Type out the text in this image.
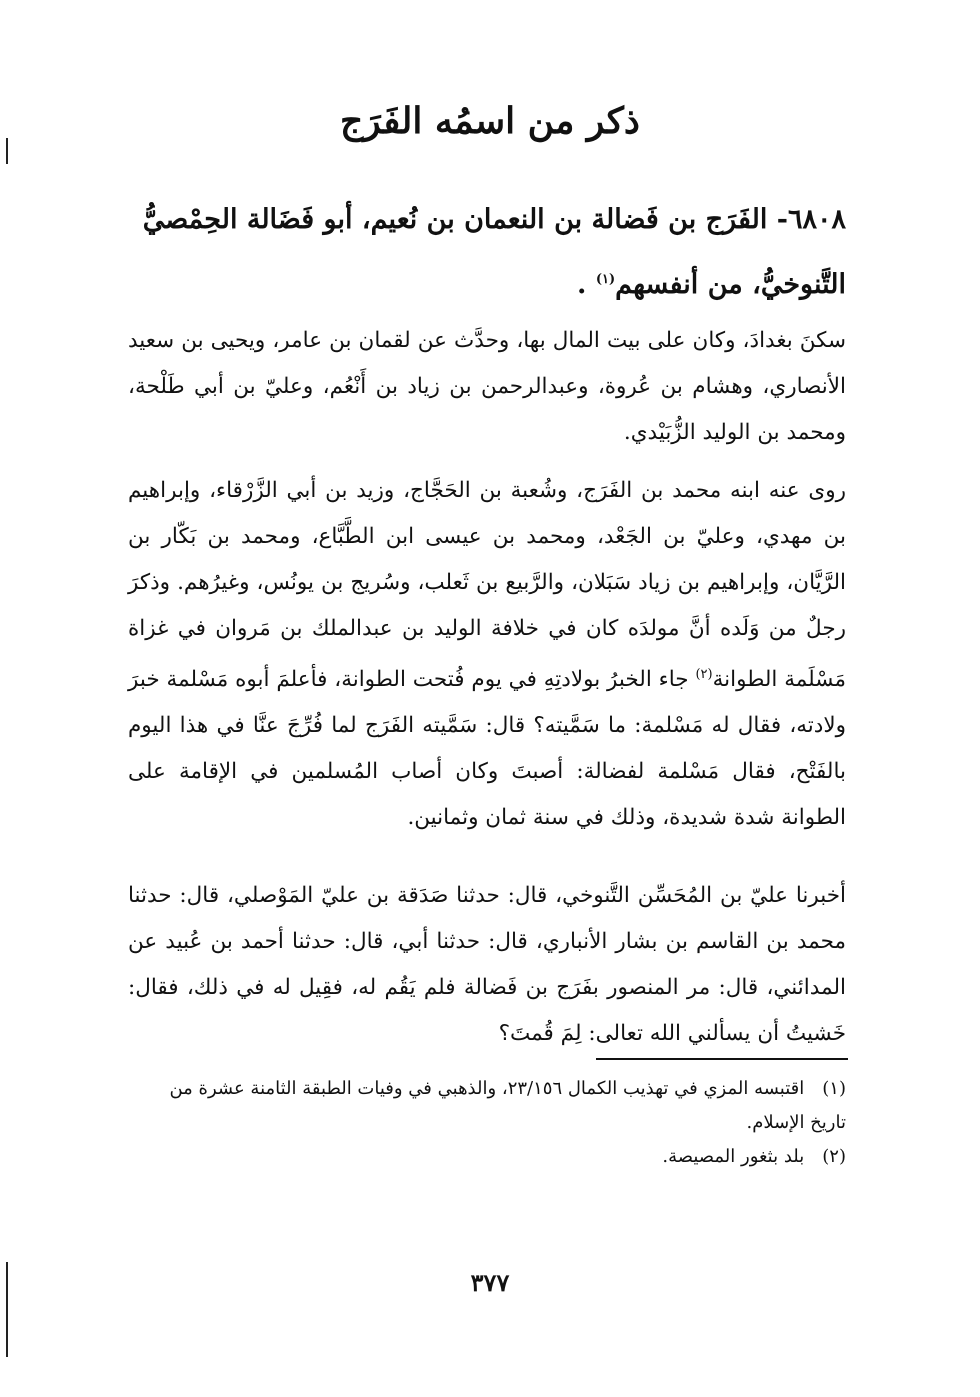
ذكر من اسمُه الفَرَج
٦٨٠٨- الفَرَج بن فَضالة بن النعمان بن نُعيم، أبو فَضَالة الحِمْصيُّ التَّنوخيُّ، من أنفسهم$^{(١)}$ .
سكنَ بغدادَ، وكان على بيت المال بها، وحدَّث عن لقمان بن عامر، ويحيى بن سعيد الأنصاري، وهشام بن عُروة، وعبدالرحمن بن زياد بن أَنْعُم، وعليّ بن أبي طَلْحة، ومحمد بن الوليد الزُّبَيْدي.
روى عنه ابنه محمد بن الفَرَج، وشُعبة بن الحَجَّاج، وزيد بن أبي الزَّرْقاء، وإبراهيم بن مهدي، وعليّ بن الجَعْد، ومحمد بن عيسى ابن الطَّبَّاع، ومحمد بن بَكّار بن الرَّيَّان، وإبراهيم بن زياد سَبَلان، والرَّبيع بن ثَعلب، وسُريج بن يونُس، وغيرُهم. وذكرَ رجلٌ من وَلَده أنَّ مولدَه كان في خلافة الوليد بن عبدالملك بن مَروان في غزاة مَسْلَمة الطوانة$^{(٢)}$ جاء الخبرُ بولادتِهِ في يوم فُتحت الطوانة، فأعلمَ أبوه مَسْلمة خبرَ ولادته، فقال له مَسْلمة: ما سَمَّيته؟ قال: سَمَّيته الفَرَج لما فُرِّجَ عنَّا في هذا اليوم بالفَتْح، فقال مَسْلمة لفضالة: أصبتَ وكان أصاب المُسلمين في الإقامة على الطوانة شدة شديدة، وذلك في سنة ثمان وثمانين.
أخبرنا عليّ بن المُحَسِّن التَّنوخي، قال: حدثنا صَدَقة بن عليّ المَوْصلي، قال: حدثنا محمد بن القاسم بن بشار الأنباري، قال: حدثنا أبي، قال: حدثنا أحمد بن عُبيد عن المدائني، قال: مر المنصور بفَرَج بن فَضالة فلم يَقُم له، فقِيل له في ذلك، فقال: خَشيتُ أن يسألني الله تعالى: لِمَ قُمتَ؟

(١)اقتبسه المزي في تهذيب الكمال ٢٣/١٥٦، والذهبي في وفيات الطبقة الثامنة عشرة من تاريخ الإسلام.

(٢)بلد بثغور المصيصة.

٣٧٧
